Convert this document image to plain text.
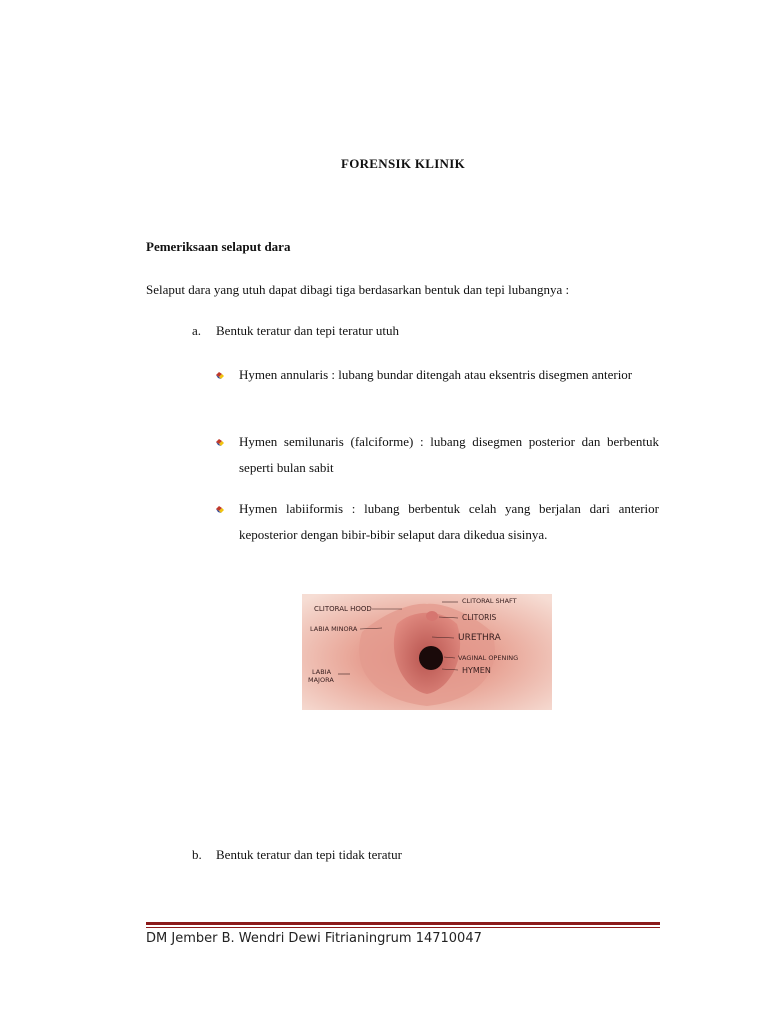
FORENSIK KLINIK
Pemeriksaan selaput dara
Selaput dara yang utuh dapat dibagi tiga berdasarkan bentuk dan tepi lubangnya :
a.	Bentuk teratur dan tepi teratur utuh
Hymen annularis : lubang bundar ditengah atau eksentris disegmen anterior
Hymen semilunaris (falciforme) : lubang disegmen posterior dan berbentuk seperti bulan sabit
Hymen labiiformis : lubang berbentuk celah yang berjalan dari anterior keposterior dengan bibir-bibir selaput dara dikedua sisinya.
CLITORAL HOOD
LABIA MINORA
LABIA
MAJORA
CLITORAL SHAFT
CLITORIS
URETHRA
VAGINAL OPENING
HYMEN
b.	Bentuk teratur dan tepi tidak teratur
DM Jember B. Wendri Dewi Fitrianingrum 14710047
